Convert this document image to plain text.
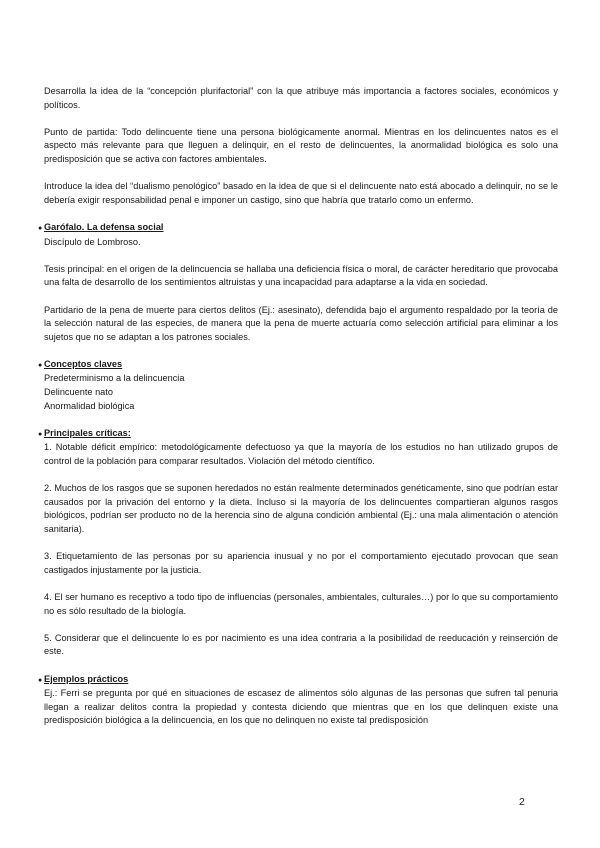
Desarrolla la idea de la “concepción plurifactorial” con la que atribuye más importancia a factores sociales, económicos y políticos.

Punto de partida: Todo delincuente tiene una persona biológicamente anormal. Mientras en los delincuentes natos es el aspecto más relevante para que lleguen a delinquir, en el resto de delincuentes, la anormalidad biológica es solo una predisposición que se activa con factores ambientales.

Introduce la idea del “dualismo penológico” basado en la idea de que si el delincuente nato está abocado a delinquir, no se le debería exigir responsabilidad penal e imponer un castigo, sino que habría que tratarlo como un enfermo.

● Garófalo. La defensa social

Discípulo de Lombroso.

Tesis principal: en el origen de la delincuencia se hallaba una deficiencia física o moral, de carácter hereditario que provocaba una falta de desarrollo de los sentimientos altruistas y una incapacidad para adaptarse a la vida en sociedad.

Partidario de la pena de muerte para ciertos delitos (Ej.: asesinato), defendida bajo el argumento respaldado por la teoría de la selección natural de las especies, de manera que la pena de muerte actuaría como selección artificial para eliminar a los sujetos que no se adaptan a los patrones sociales.

● Conceptos claves
Predeterminismo a la delincuencia
Delincuente nato
Anormalidad biológica
● Principales críticas:

1. Notable déficit empírico: metodológicamente defectuoso ya que la mayoría de los estudios no han utilizado grupos de control de la población para comparar resultados. Violación del método científico.

2. Muchos de los rasgos que se suponen heredados no están realmente determinados genéticamente, sino que podrían estar causados por la privación del entorno y la dieta. Incluso si la mayoría de los delincuentes compartieran algunos rasgos biológicos, podrían ser producto no de la herencia sino de alguna condición ambiental (Ej.: una mala alimentación o atención sanitaria).

3. Etiquetamiento de las personas por su apariencia inusual y no por el comportamiento ejecutado provocan que sean castigados injustamente por la justicia.

4. El ser humano es receptivo a todo tipo de influencias (personales, ambientales, culturales…) por lo que su comportamiento no es sólo resultado de la biología.

5. Considerar que el delincuente lo es por nacimiento es una idea contraria a la posibilidad de reeducación y reinserción de este.

● Ejemplos prácticos

Ej.: Ferri se pregunta por qué en situaciones de escasez de alimentos sólo algunas de las personas que sufren tal penuria llegan a realizar delitos contra la propiedad y contesta diciendo que mientras que en los que delinquen existe una predisposición biológica a la delincuencia, en los que no delinquen no existe tal predisposición

2
